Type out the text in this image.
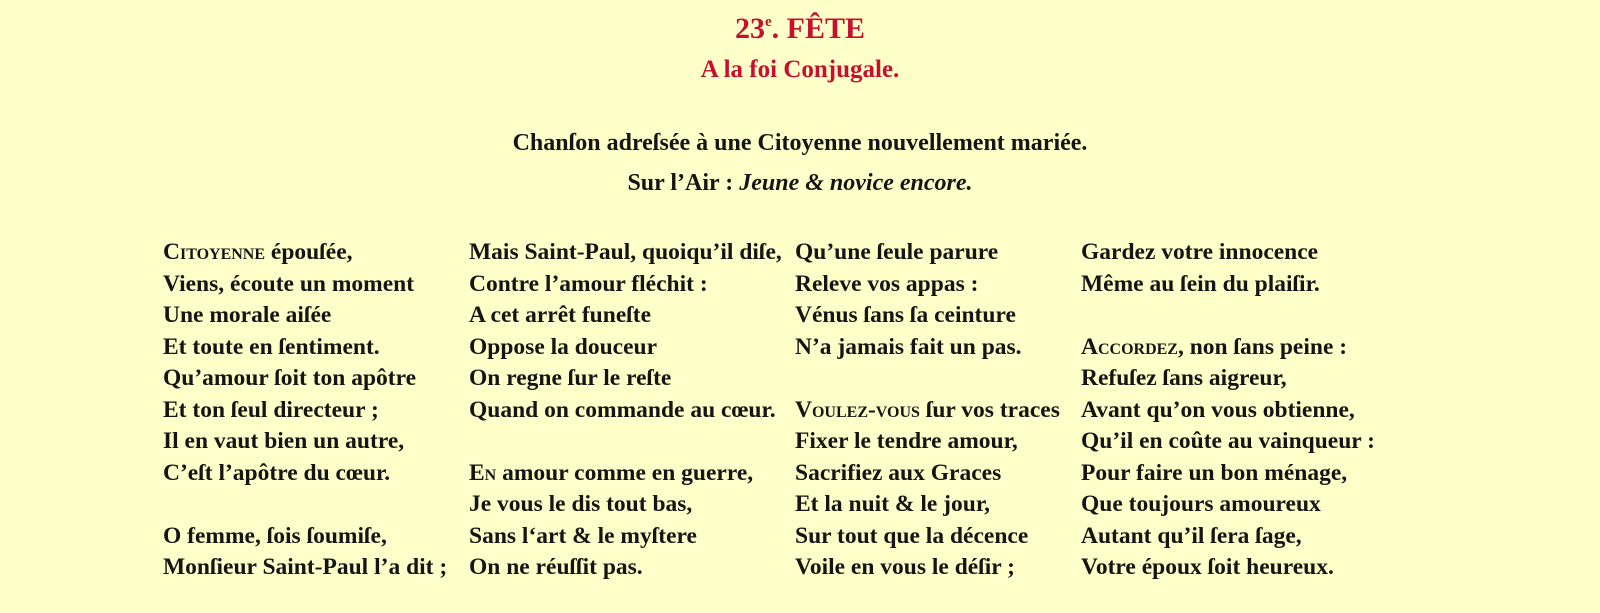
23e. FÊTE
A la foi Conjugale.
Chanſon adreſsée à une Citoyenne nouvellement mariée.
Sur l’Air : Jeune & novice encore.
Citoyenne épouſée,
Viens, écoute un moment
Une morale aiſée
Et toute en ſentiment.
Qu’amour ſoit ton apôtre
Et ton ſeul directeur ;
Il en vaut bien un autre,
C’eſt l’apôtre du cœur.
O femme, ſois ſoumiſe,
Monſieur Saint-Paul l’a dit ;
Mais Saint-Paul, quoiqu’il diſe,
Contre l’amour fléchit :
A cet arrêt funeſte
Oppose la douceur
On regne ſur le reſte
Quand on commande au cœur.
En amour comme en guerre,
Je vous le dis tout bas,
Sans l‘art & le myſtere
On ne réuſſit pas.
Qu’une ſeule parure
Releve vos appas :
Vénus ſans ſa ceinture
N’a jamais fait un pas.
Voulez-vous ſur vos traces
Fixer le tendre amour,
Sacrifiez aux Graces
Et la nuit & le jour,
Sur tout que la décence
Voile en vous le déſir ;
Gardez votre innocence
Même au ſein du plaiſir.
Accordez, non ſans peine :
Refuſez ſans aigreur,
Avant qu’on vous obtienne,
Qu’il en coûte au vainqueur :
Pour faire un bon ménage,
Que toujours amoureux
Autant qu’il ſera ſage,
Votre époux ſoit heureux.
